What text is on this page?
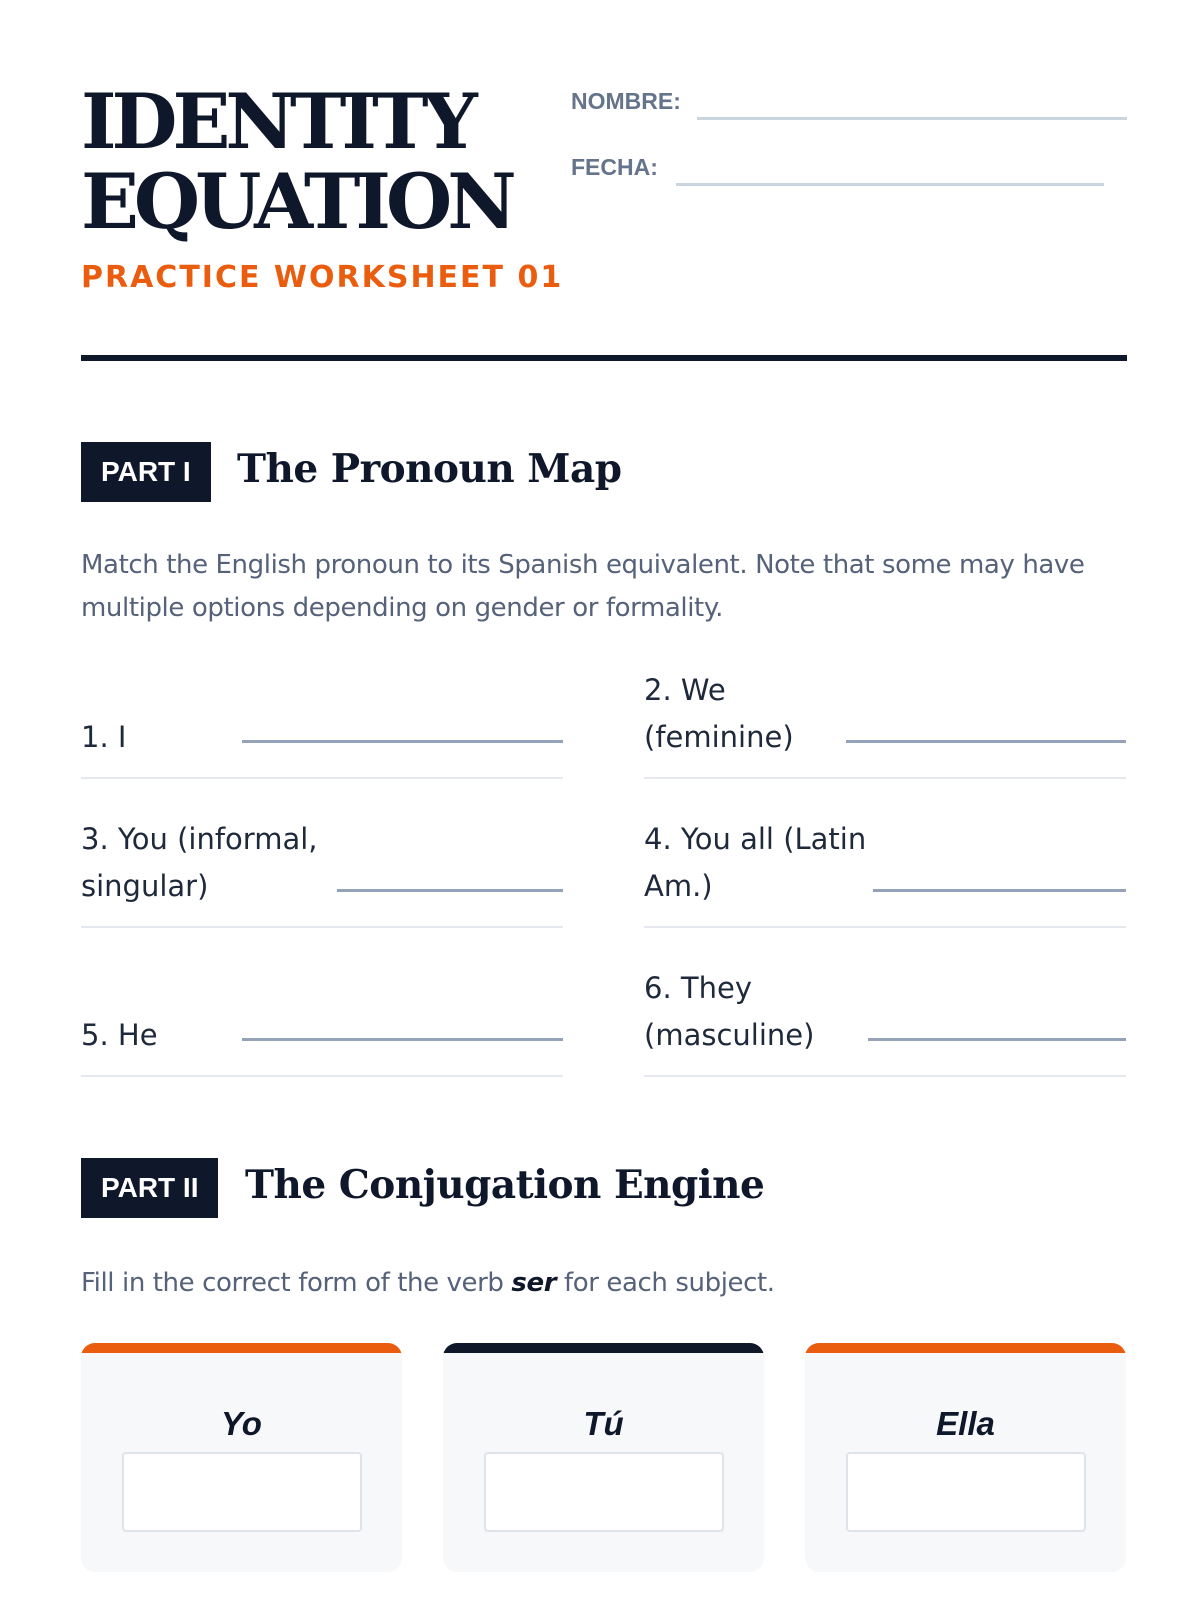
IDENTITY
EQUATION
PRACTICE WORKSHEET 01
NOMBRE:
FECHA:
PART I	The Pronoun Map
Match the English pronoun to its Spanish equivalent. Note that some may have
multiple options depending on gender or formality.
1. I
2. We
(feminine)
3. You (informal,
singular)
4. You all (Latin
Am.)
5. He
6. They
(masculine)
PART II	The Conjugation Engine
Fill in the correct form of the verb ser for each subject.
Yo	Tú	Ella
